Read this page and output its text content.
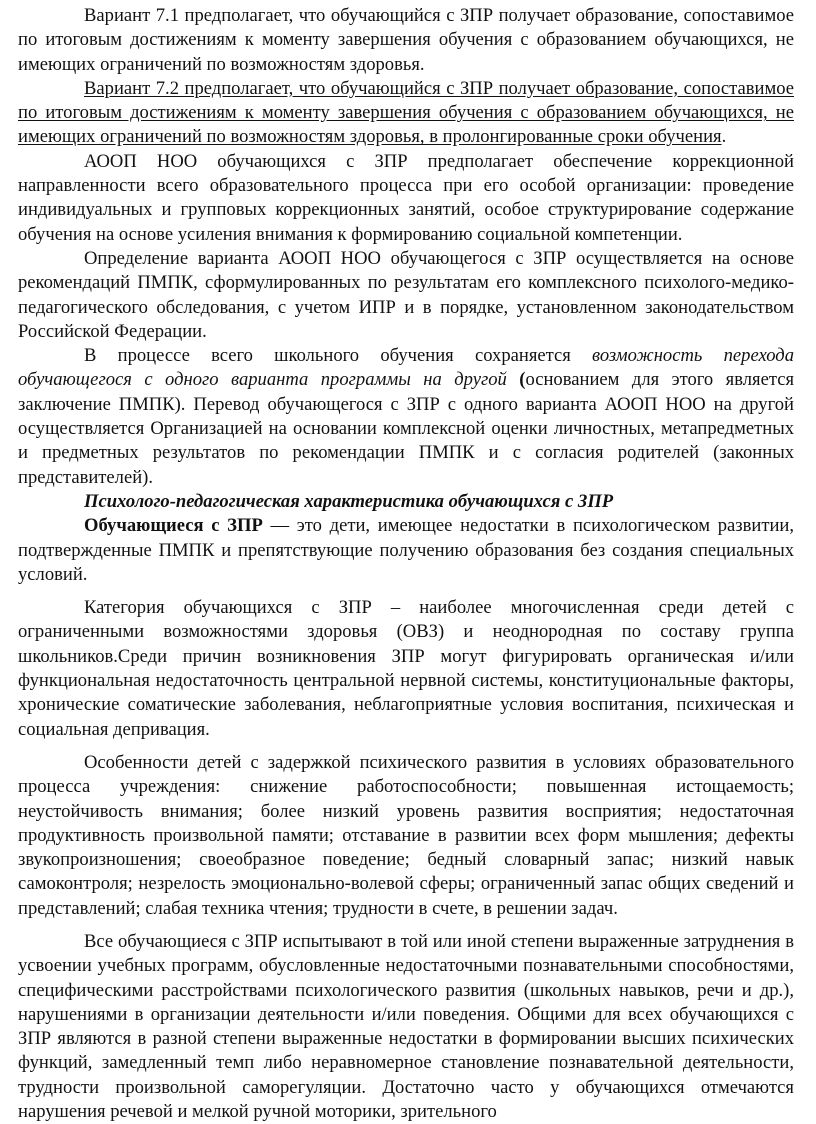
Вариант 7.1 предполагает, что обучающийся с ЗПР получает образование, сопоставимое по итоговым достижениям к моменту завершения обучения с образованием обучающихся, не имеющих ограничений по возможностям здоровья.

Вариант 7.2 предполагает, что обучающийся с ЗПР получает образование, сопоставимое по итоговым достижениям к моменту завершения обучения с образованием обучающихся, не имеющих ограничений по возможностям здоровья, в пролонгированные сроки обучения.

АООП НОО обучающихся с ЗПР предполагает обеспечение коррекционной направленности всего образовательного процесса при его особой организации: проведение индивидуальных и групповых коррекционных занятий, особое структурирование содержание обучения на основе усиления внимания к формированию социальной компетенции.

Определение варианта АООП НОО обучающегося с ЗПР осуществляется на основе рекомендаций ПМПК, сформулированных по результатам его комплексного психолого-медико-педагогического обследования, с учетом ИПР и в порядке, установленном законодательством Российской Федерации.

В процессе всего школьного обучения сохраняется возможность перехода обучающегося с одного варианта программы на другой (основанием для этого является заключение ПМПК). Перевод обучающегося с ЗПР с одного варианта АООП НОО на другой осуществляется Организацией на основании комплексной оценки личностных, метапредметных и предметных результатов по рекомендации ПМПК и с согласия родителей (законных представителей).

Психолого-педагогическая характеристика обучающихся с ЗПР

Обучающиеся с ЗПР — это дети, имеющее недостатки в психологическом развитии, подтвержденные ПМПК и препятствующие получению образования без создания специальных условий.

Категория обучающихся с ЗПР – наиболее многочисленная среди детей с ограниченными возможностями здоровья (ОВЗ) и неоднородная по составу группа школьников.Среди причин возникновения ЗПР могут фигурировать органическая и/или функциональная недостаточность центральной нервной системы, конституциональные факторы, хронические соматические заболевания, неблагоприятные условия воспитания, психическая и социальная депривация.

Особенности детей с задержкой психического развития в условиях образовательного процесса учреждения: снижение работоспособности; повышенная истощаемость; неустойчивость внимания; более низкий уровень развития восприятия; недостаточная продуктивность произвольной памяти; отставание в развитии всех форм мышления; дефекты звукопроизношения; своеобразное поведение; бедный словарный запас; низкий навык самоконтроля; незрелость эмоционально-волевой сферы; ограниченный запас общих сведений и представлений; слабая техника чтения; трудности в счете, в решении задач.

Все обучающиеся с ЗПР испытывают в той или иной степени выраженные затруднения в усвоении учебных программ, обусловленные недостаточными познавательными способностями, специфическими расстройствами психологического развития (школьных навыков, речи и др.), нарушениями в организации деятельности и/или поведения. Общими для всех обучающихся с ЗПР являются в разной степени выраженные недостатки в формировании высших психических функций, замедленный темп либо неравномерное становление познавательной деятельности, трудности произвольной саморегуляции. Достаточно часто у обучающихся отмечаются нарушения речевой и мелкой ручной моторики, зрительного
